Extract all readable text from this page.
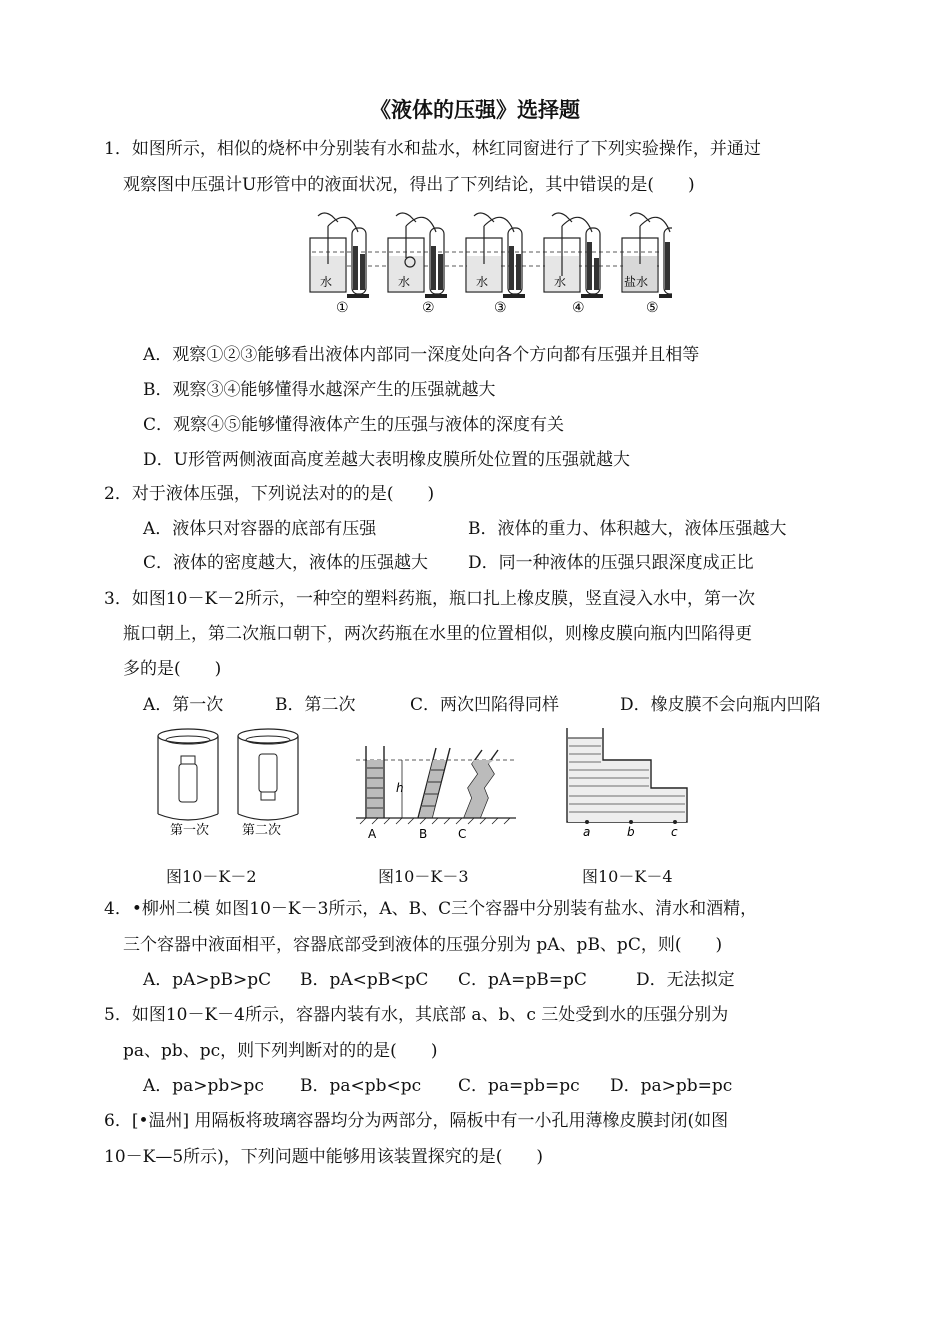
《液体的压强》选择题
1．如图所示，相似的烧杯中分别装有水和盐水，林红同窗进行了下列实验操作，并通过
观察图中压强计U形管中的液面状况，得出了下列结论，其中错误的是(　　)
水	水	水	水	盐水
①	②	③	④	⑤
A．观察①②③能够看出液体内部同一深度处向各个方向都有压强并且相等
B．观察③④能够懂得水越深产生的压强就越大
C．观察④⑤能够懂得液体产生的压强与液体的深度有关
D．U形管两侧液面高度差越大表明橡皮膜所处位置的压强就越大
2．对于液体压强，下列说法对的的是(　　)
A．液体只对容器的底部有压强	B．液体的重力、体积越大，液体压强越大
C．液体的密度越大，液体的压强越大 D．同一种液体的压强只跟深度成正比
3．如图10－K－2所示，一种空的塑料药瓶，瓶口扎上橡皮膜，竖直浸入水中，第一次
瓶口朝上，第二次瓶口朝下，两次药瓶在水里的位置相似，则橡皮膜向瓶内凹陷得更
多的是(　　)
A．第一次	B．第二次	C．两次凹陷得同样	D．橡皮膜不会向瓶内凹陷
第一次	第二次
h
A	B	C	a	b	c
图10－K－2	图10－K－3	图10－K－4
4．•柳州二模 如图10－K－3所示，A、B、C三个容器中分别装有盐水、清水和酒精，
三个容器中液面相平，容器底部受到液体的压强分别为 pA、pB、pC，则(　　)
A．pA>pB>pC B．pA<pB<pC C．pA=pB=pC	D．无法拟定
5．如图10－K－4所示，容器内装有水，其底部 a、b、c 三处受到水的压强分别为
pa、pb、pc，则下列判断对的的是(　　)
A．pa>pb>pc B．pa<pb<pc C．pa=pb=pc D．pa>pb=pc
6．[•温州] 用隔板将玻璃容器均分为两部分，隔板中有一小孔用薄橡皮膜封闭(如图
10－K—5所示)，下列问题中能够用该装置探究的是(　　)
